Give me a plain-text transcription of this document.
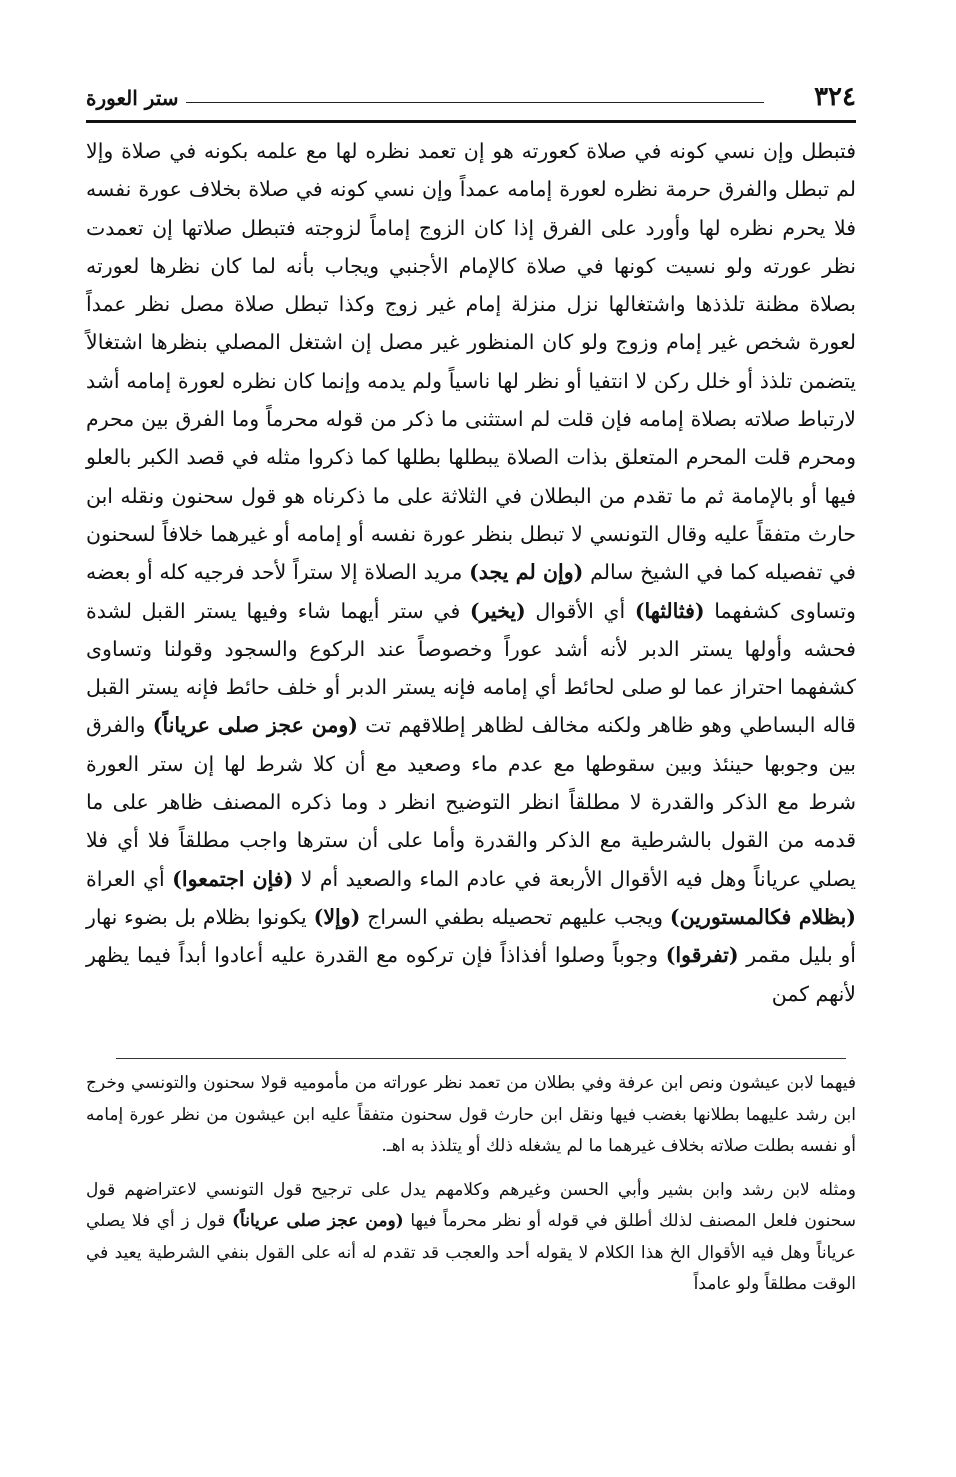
٣٢٤
ستر العورة

فتبطل وإن نسي كونه في صلاة كعورته هو إن تعمد نظره لها مع علمه بكونه في صلاة وإلا لم تبطل والفرق حرمة نظره لعورة إمامه عمداً وإن نسي كونه في صلاة بخلاف عورة نفسه فلا يحرم نظره لها وأورد على الفرق إذا كان الزوج إماماً لزوجته فتبطل صلاتها إن تعمدت نظر عورته ولو نسيت كونها في صلاة كالإمام الأجنبي ويجاب بأنه لما كان نظرها لعورته بصلاة مظنة تلذذها واشتغالها نزل منزلة إمام غير زوج وكذا تبطل صلاة مصل نظر عمداً لعورة شخص غير إمام وزوج ولو كان المنظور غير مصل إن اشتغل المصلي بنظرها اشتغالاً يتضمن تلذذ أو خلل ركن لا انتفيا أو نظر لها ناسياً ولم يدمه وإنما كان نظره لعورة إمامه أشد لارتباط صلاته بصلاة إمامه فإن قلت لم استثنى ما ذكر من قوله محرماً وما الفرق بين محرم ومحرم قلت المحرم المتعلق بذات الصلاة يبطلها بطلها كما ذكروا مثله في قصد الكبر بالعلو فيها أو بالإمامة ثم ما تقدم من البطلان في الثلاثة على ما ذكرناه هو قول سحنون ونقله ابن حارث متفقاً عليه وقال التونسي لا تبطل بنظر عورة نفسه أو إمامه أو غيرهما خلافاً لسحنون في تفصيله كما في الشيخ سالم (وإن لم يجد) مريد الصلاة إلا ستراً لأحد فرجيه كله أو بعضه وتساوى كشفهما (فثالثها) أي الأقوال (يخير) في ستر أيهما شاء وفيها يستر القبل لشدة فحشه وأولها يستر الدبر لأنه أشد عوراً وخصوصاً عند الركوع والسجود وقولنا وتساوى كشفهما احتراز عما لو صلى لحائط أي إمامه فإنه يستر الدبر أو خلف حائط فإنه يستر القبل قاله البساطي وهو ظاهر ولكنه مخالف لظاهر إطلاقهم تت (ومن عجز صلى عرياناً) والفرق بين وجوبها حينئذ وبين سقوطها مع عدم ماء وصعيد مع أن كلا شرط لها إن ستر العورة شرط مع الذكر والقدرة لا مطلقاً انظر التوضيح انظر د وما ذكره المصنف ظاهر على ما قدمه من القول بالشرطية مع الذكر والقدرة وأما على أن سترها واجب مطلقاً فلا أي فلا يصلي عرياناً وهل فيه الأقوال الأربعة في عادم الماء والصعيد أم لا (فإن اجتمعوا) أي العراة (بظلام فكالمستورين) ويجب عليهم تحصيله بطفي السراج (وإلا) يكونوا بظلام بل بضوء نهار أو بليل مقمر (تفرقوا) وجوباً وصلوا أفذاذاً فإن تركوه مع القدرة عليه أعادوا أبداً فيما يظهر لأنهم كمن

فيهما لابن عيشون ونص ابن عرفة وفي بطلان من تعمد نظر عوراته من مأموميه قولا سحنون والتونسي وخرج ابن رشد عليهما بطلانها بغضب فيها ونقل ابن حارث قول سحنون متفقاً عليه ابن عيشون من نظر عورة إمامه أو نفسه بطلت صلاته بخلاف غيرهما ما لم يشغله ذلك أو يتلذذ به اهـ.

ومثله لابن رشد وابن بشير وأبي الحسن وغيرهم وكلامهم يدل على ترجيح قول التونسي لاعتراضهم قول سحنون فلعل المصنف لذلك أطلق في قوله أو نظر محرماً فيها (ومن عجز صلى عرياناً) قول ز أي فلا يصلي عرياناً وهل فيه الأقوال الخ هذا الكلام لا يقوله أحد والعجب قد تقدم له أنه على القول بنفي الشرطية يعيد في الوقت مطلقاً ولو عامداً
